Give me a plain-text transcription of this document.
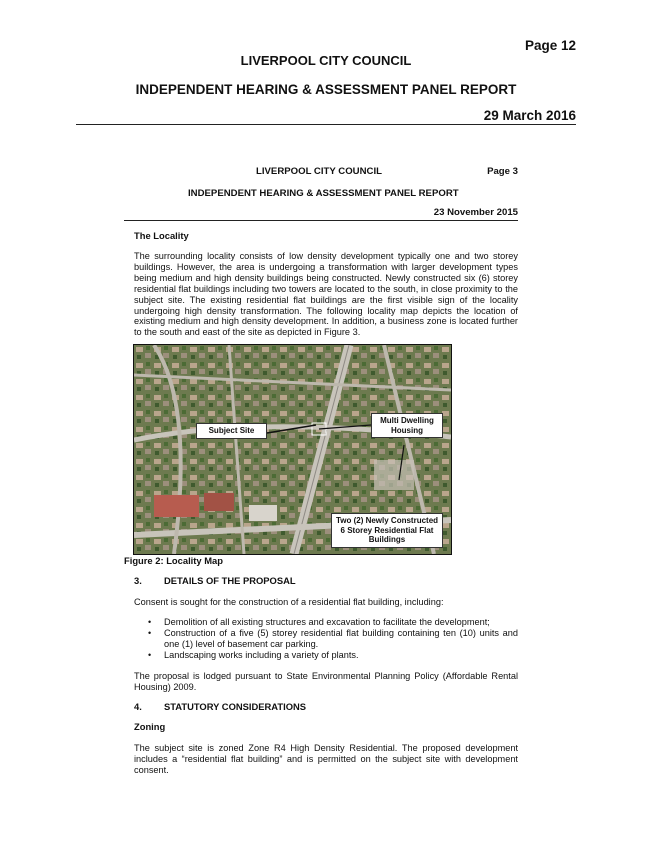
Page 12
LIVERPOOL CITY COUNCIL
INDEPENDENT HEARING & ASSESSMENT PANEL REPORT
29 March 2016
LIVERPOOL CITY COUNCIL	Page 3
INDEPENDENT HEARING & ASSESSMENT PANEL REPORT
23 November 2015
The Locality
The surrounding locality consists of low density development typically one and two storey buildings. However, the area is undergoing a transformation with larger development types being medium and high density buildings being constructed. Newly constructed six (6) storey residential flat buildings including two towers are located to the south, in close proximity to the subject site. The existing residential flat buildings are the first visible sign of the locality undergoing high density transformation. The following locality map depicts the location of existing medium and high density development. In addition, a business zone is located further to the south and east of the site as depicted in Figure 3.
Subject Site
Multi Dwelling Housing
Two (2) Newly Constructed 6 Storey Residential Flat Buildings
Figure 2: Locality Map
3. DETAILS OF THE PROPOSAL
Consent is sought for the construction of a residential flat building, including:
• Demolition of all existing structures and excavation to facilitate the development;
• Construction of a five (5) storey residential flat building containing ten (10) units and one (1) level of basement car parking.
• Landscaping works including a variety of plants.
The proposal is lodged pursuant to State Environmental Planning Policy (Affordable Rental Housing) 2009.
4. STATUTORY CONSIDERATIONS
Zoning
The subject site is zoned Zone R4 High Density Residential. The proposed development includes a “residential flat building” and is permitted on the subject site with development consent.
